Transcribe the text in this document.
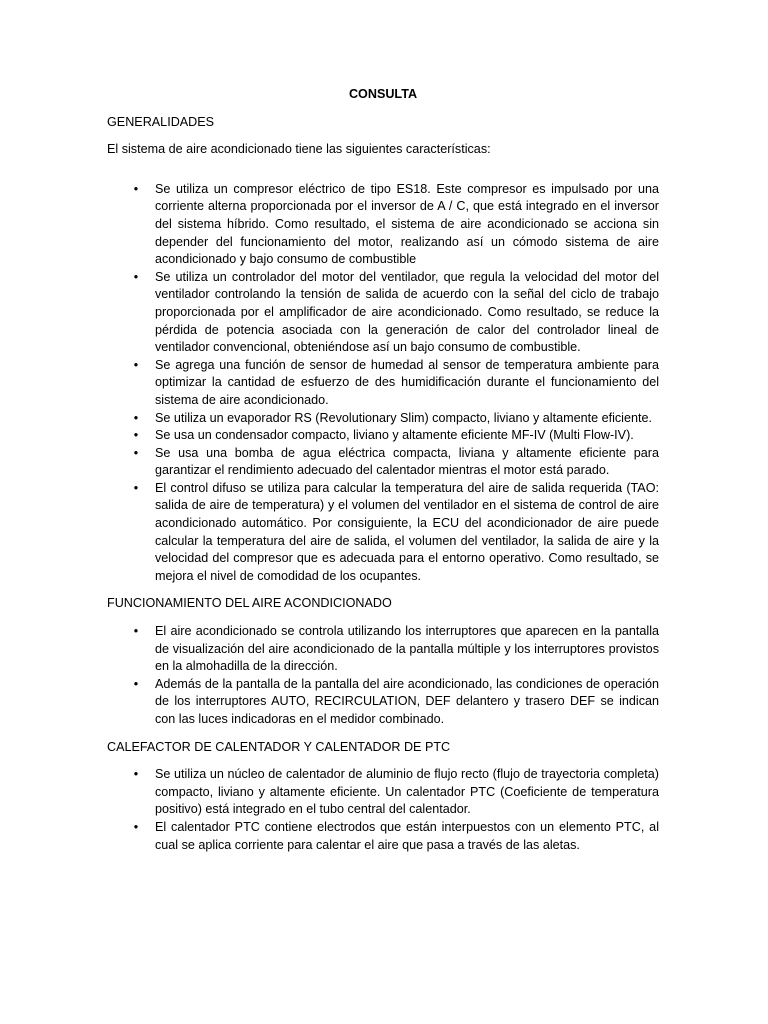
CONSULTA
GENERALIDADES
El sistema de aire acondicionado tiene las siguientes características:
• Se utiliza un compresor eléctrico de tipo ES18. Este compresor es impulsado por una corriente alterna proporcionada por el inversor de A / C, que está integrado en el inversor del sistema híbrido. Como resultado, el sistema de aire acondicionado se acciona sin depender del funcionamiento del motor, realizando así un cómodo sistema de aire acondicionado y bajo consumo de combustible
• Se utiliza un controlador del motor del ventilador, que regula la velocidad del motor del ventilador controlando la tensión de salida de acuerdo con la señal del ciclo de trabajo proporcionada por el amplificador de aire acondicionado. Como resultado, se reduce la pérdida de potencia asociada con la generación de calor del controlador lineal de ventilador convencional, obteniéndose así un bajo consumo de combustible.
• Se agrega una función de sensor de humedad al sensor de temperatura ambiente para optimizar la cantidad de esfuerzo de des humidificación durante el funcionamiento del sistema de aire acondicionado.
• Se utiliza un evaporador RS (Revolutionary Slim) compacto, liviano y altamente eficiente.
• Se usa un condensador compacto, liviano y altamente eficiente MF-IV (Multi Flow-IV).
• Se usa una bomba de agua eléctrica compacta, liviana y altamente eficiente para garantizar el rendimiento adecuado del calentador mientras el motor está parado.
• El control difuso se utiliza para calcular la temperatura del aire de salida requerida (TAO: salida de aire de temperatura) y el volumen del ventilador en el sistema de control de aire acondicionado automático. Por consiguiente, la ECU del acondicionador de aire puede calcular la temperatura del aire de salida, el volumen del ventilador, la salida de aire y la velocidad del compresor que es adecuada para el entorno operativo. Como resultado, se mejora el nivel de comodidad de los ocupantes.
FUNCIONAMIENTO DEL AIRE ACONDICIONADO
• El aire acondicionado se controla utilizando los interruptores que aparecen en la pantalla de visualización del aire acondicionado de la pantalla múltiple y los interruptores provistos en la almohadilla de la dirección.
• Además de la pantalla de la pantalla del aire acondicionado, las condiciones de operación de los interruptores AUTO, RECIRCULATION, DEF delantero y trasero DEF se indican con las luces indicadoras en el medidor combinado.
CALEFACTOR DE CALENTADOR Y CALENTADOR DE PTC
• Se utiliza un núcleo de calentador de aluminio de flujo recto (flujo de trayectoria completa) compacto, liviano y altamente eficiente. Un calentador PTC (Coeficiente de temperatura positivo) está integrado en el tubo central del calentador.
• El calentador PTC contiene electrodos que están interpuestos con un elemento PTC, al cual se aplica corriente para calentar el aire que pasa a través de las aletas.
